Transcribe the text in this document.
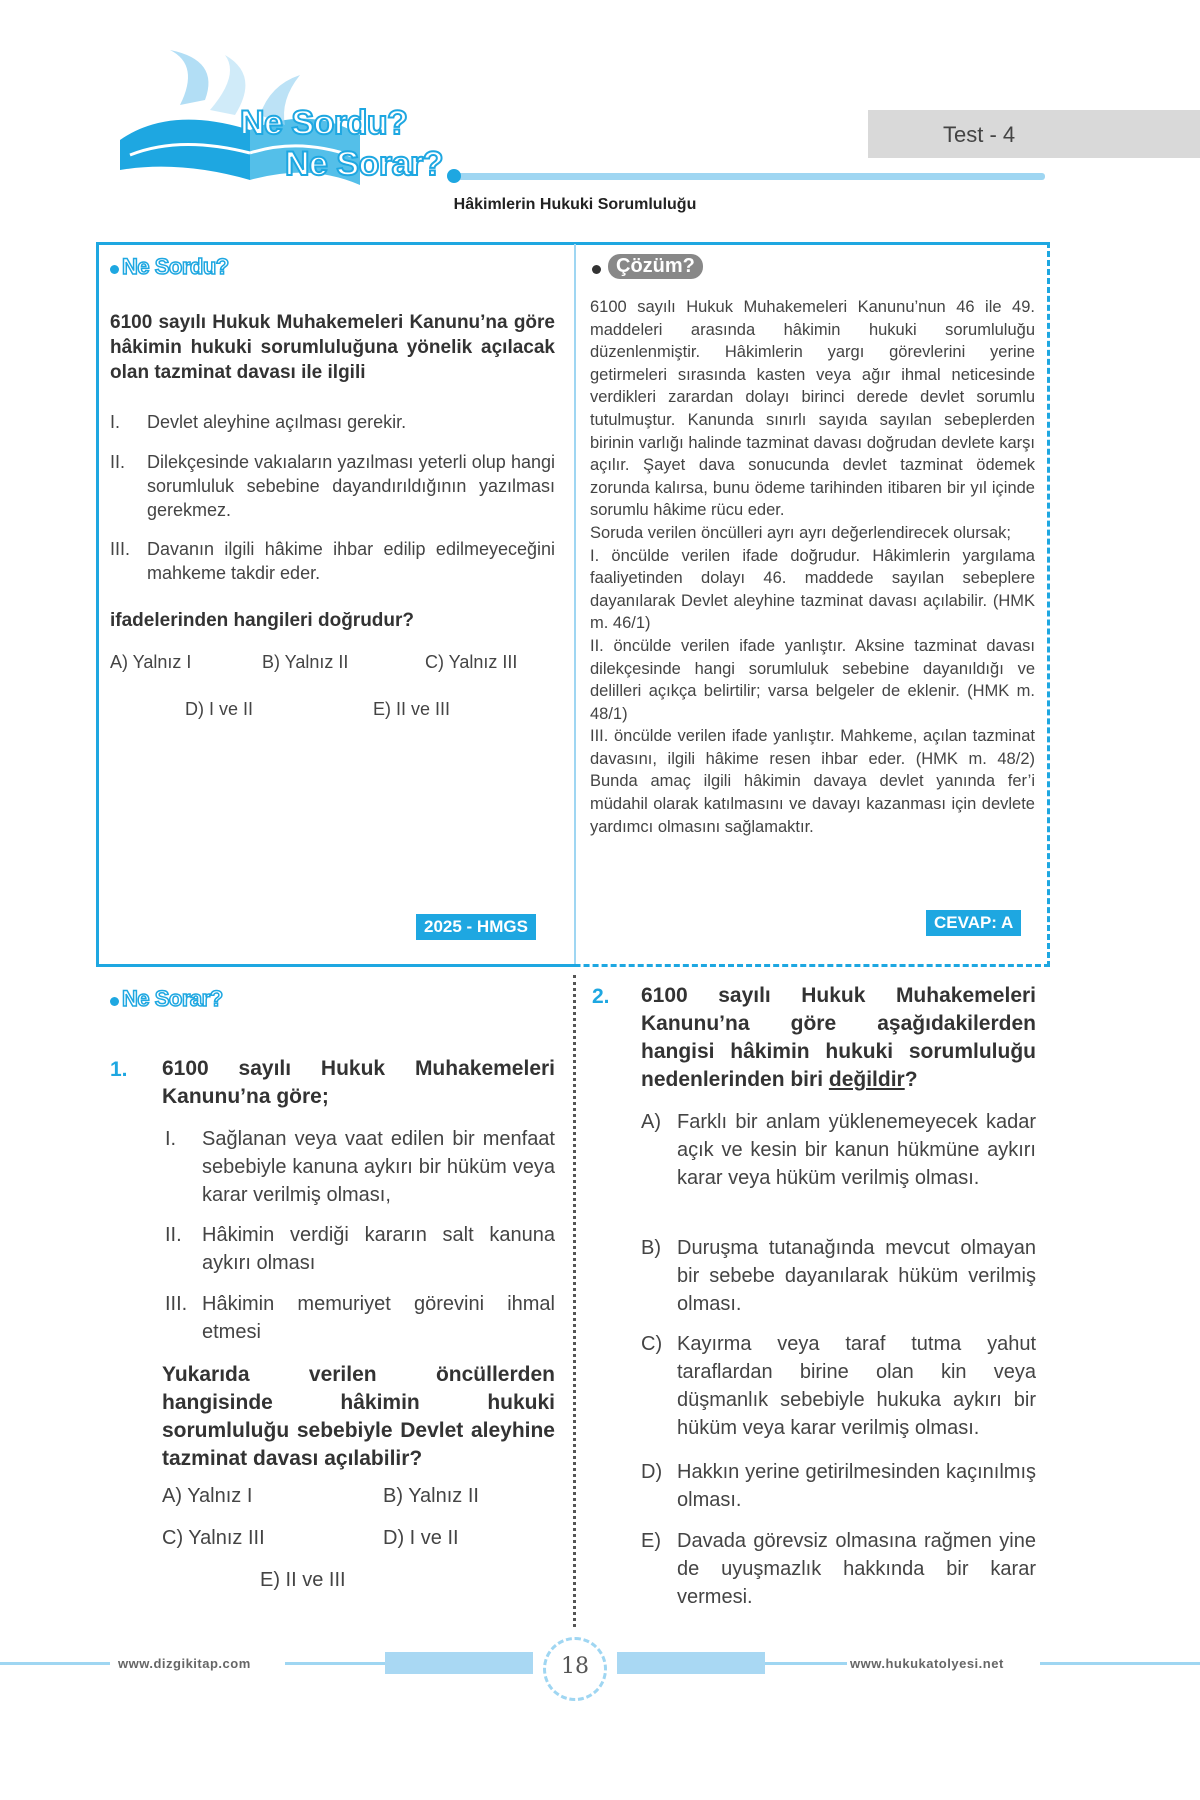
Ne Sordu?
Ne Sorar?
Test - 4
Hâkimlerin Hukuki Sorumluluğu
Ne Sordu?
6100 sayılı Hukuk Muhakemeleri Kanunu’na göre hâkimin hukuki sorumluluğuna yönelik açılacak olan tazminat davası ile ilgili
I. Devlet aleyhine açılması gerekir.
II. Dilekçesinde vakıaların yazılması yeterli olup hangi sorumluluk sebebine dayandırıldığının yazılması gerekmez.
III. Davanın ilgili hâkime ihbar edilip edilmeyeceğini mahkeme takdir eder.
ifadelerinden hangileri doğrudur?
A) Yalnız I	B) Yalnız II	C) Yalnız III
D) I ve II	E) II ve III
2025 - HMGS
Çözüm?

6100 sayılı Hukuk Muhakemeleri Kanunu’nun 46 ile 49. maddeleri arasında hâkimin hukuki sorumluluğu düzenlenmiştir. Hâkimlerin yargı görevlerini yerine getirmeleri sırasında kasten veya ağır ihmal neticesinde verdikleri zarardan dolayı birinci derede devlet sorumlu tutulmuştur. Kanunda sınırlı sayıda sayılan sebeplerden birinin varlığı halinde tazminat davası doğrudan devlete karşı açılır. Şayet dava sonucunda devlet tazminat ödemek zorunda kalırsa, bunu ödeme tarihinden itibaren bir yıl içinde sorumlu hâkime rücu eder.

Soruda verilen öncülleri ayrı ayrı değerlendirecek olursak;

I. öncülde verilen ifade doğrudur. Hâkimlerin yargılama faaliyetinden dolayı 46. maddede sayılan sebeplere dayanılarak Devlet aleyhine tazminat davası açılabilir. (HMK m. 46/1)

II. öncülde verilen ifade yanlıştır. Aksine tazminat davası dilekçesinde hangi sorumluluk sebebine dayanıldığı ve delilleri açıkça belirtilir; varsa belgeler de eklenir. (HMK m. 48/1)

III. öncülde verilen ifade yanlıştır. Mahkeme, açılan tazminat davasını, ilgili hâkime resen ihbar eder. (HMK m. 48/2) Bunda amaç ilgili hâkimin davaya devlet yanında fer’i müdahil olarak katılmasını ve davayı kazanması için devlete yardımcı olmasını sağlamaktır.

CEVAP: A
Ne Sorar?
1. 6100 sayılı Hukuk Muhakemeleri Kanunu’na göre;
I. Sağlanan veya vaat edilen bir menfaat sebebiyle kanuna aykırı bir hüküm veya karar verilmiş olması,
II. Hâkimin verdiği kararın salt kanuna aykırı olması
III. Hâkimin memuriyet görevini ihmal etmesi
Yukarıda verilen öncüllerden hangisinde hâkimin hukuki sorumluluğu sebebiyle Devlet aleyhine tazminat davası açılabilir?
A) Yalnız I	B) Yalnız II
C) Yalnız III	D) I ve II
E) II ve III
2. 6100 sayılı Hukuk Muhakemeleri Kanunu’na göre aşağıdakilerden hangisi hâkimin hukuki sorumluluğu nedenlerinden biri değildir?
A) Farklı bir anlam yüklenemeyecek kadar açık ve kesin bir kanun hükmüne aykırı karar veya hüküm verilmiş olması.
B) Duruşma tutanağında mevcut olmayan bir sebebe dayanılarak hüküm verilmiş olması.
C) Kayırma veya taraf tutma yahut taraflardan birine olan kin veya düşmanlık sebebiyle hukuka aykırı bir hüküm veya karar verilmiş olması.
D) Hakkın yerine getirilmesinden kaçınılmış olması.
E) Davada görevsiz olmasına rağmen yine de uyuşmazlık hakkında bir karar vermesi.
www.dizgikitap.com	18	www.hukukatolyesi.net
